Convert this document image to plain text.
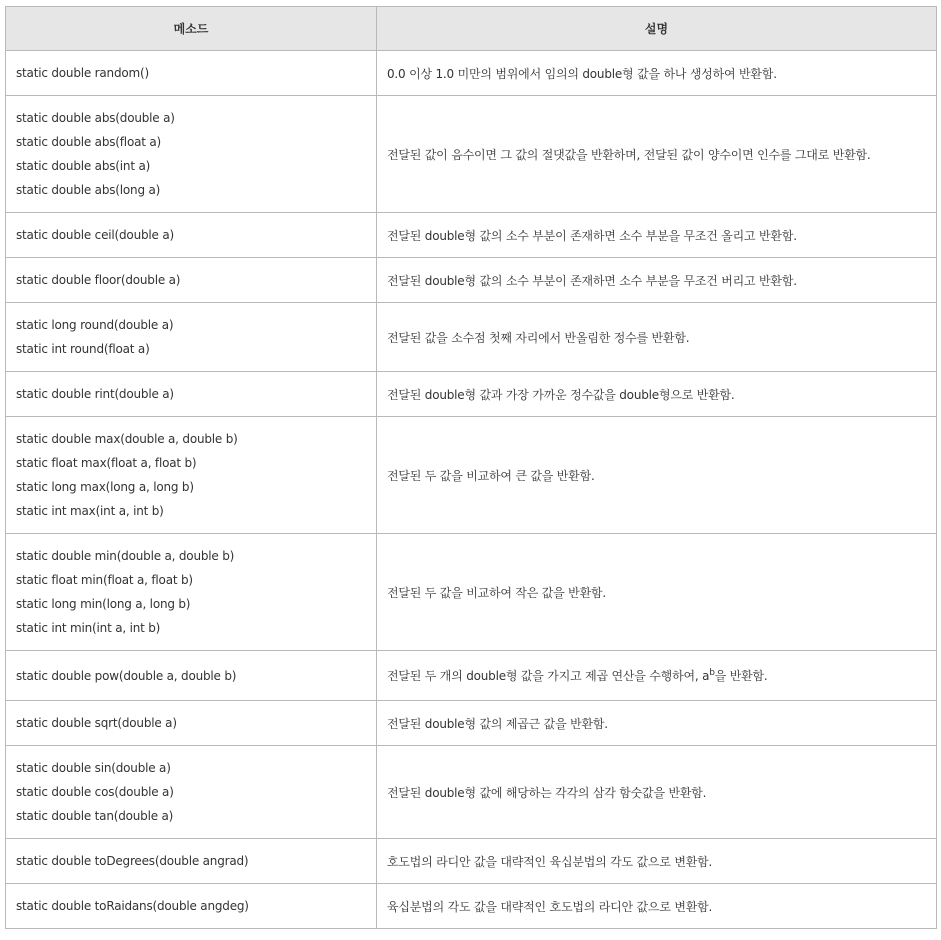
메소드	설명

static double random()	0.0 이상 1.0 미만의 범위에서 임의의 double형 값을 하나 생성하여 반환함.

static double abs(double a)
static double abs(float a)
static double abs(int a)
static double abs(long a)	전달된 값이 음수이면 그 값의 절댓값을 반환하며, 전달된 값이 양수이면 인수를 그대로 반환함.

static double ceil(double a)	전달된 double형 값의 소수 부분이 존재하면 소수 부분을 무조건 올리고 반환함.

static double floor(double a)	전달된 double형 값의 소수 부분이 존재하면 소수 부분을 무조건 버리고 반환함.

static long round(double a)
static int round(float a)	전달된 값을 소수점 첫째 자리에서 반올림한 정수를 반환함.

static double rint(double a)	전달된 double형 값과 가장 가까운 정수값을 double형으로 반환함.

static double max(double a, double b)
static float max(float a, float b)
static long max(long a, long b)
static int max(int a, int b)	전달된 두 값을 비교하여 큰 값을 반환함.

static double min(double a, double b)
static float min(float a, float b)
static long min(long a, long b)
static int min(int a, int b)	전달된 두 값을 비교하여 작은 값을 반환함.

static double pow(double a, double b)	전달된 두 개의 double형 값을 가지고 제곱 연산을 수행하여, $a^b$을 반환함.

static double sqrt(double a)	전달된 double형 값의 제곱근 값을 반환함.

static double sin(double a)
static double cos(double a)
static double tan(double a)	전달된 double형 값에 해당하는 각각의 삼각 함숫값을 반환함.

static double toDegrees(double angrad)	호도법의 라디안 값을 대략적인 육십분법의 각도 값으로 변환함.

static double toRaidans(double angdeg)	육십분법의 각도 값을 대략적인 호도법의 라디안 값으로 변환함.
